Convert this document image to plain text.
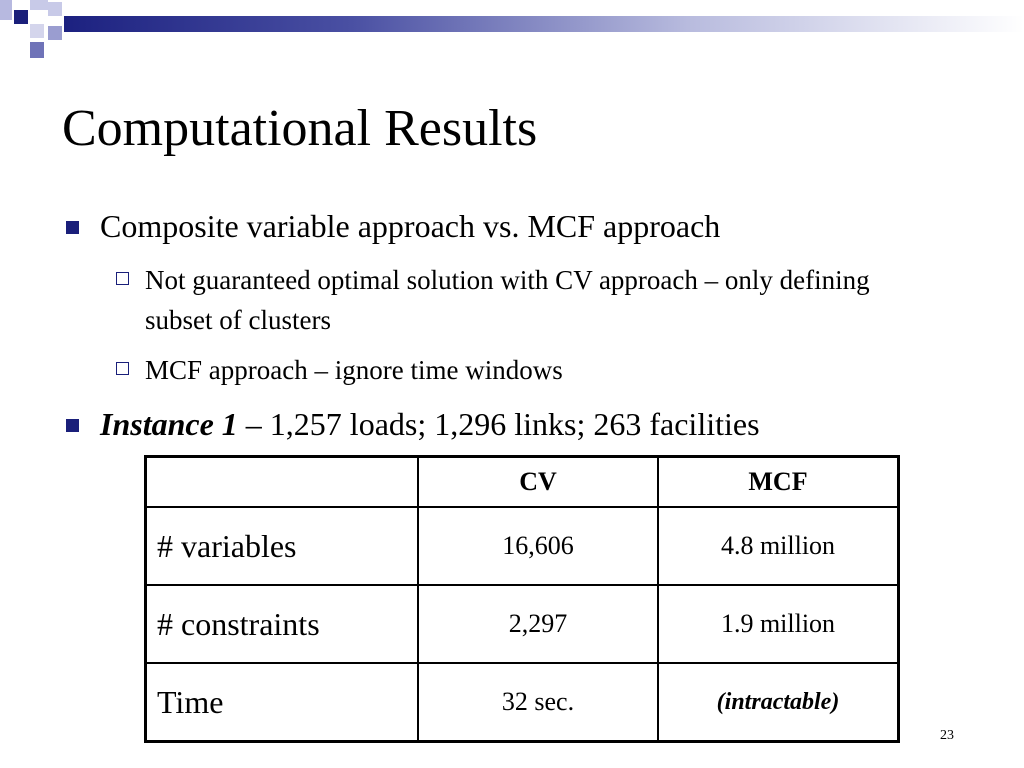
Computational Results
Composite variable approach vs. MCF approach
Not guaranteed optimal solution with CV approach – only defining subset of clusters
MCF approach – ignore time windows
Instance 1 – 1,257 loads; 1,296 links; 263 facilities
	CV	MCF
# variables	16,606	4.8 million
# constraints	2,297	1.9 million
Time	32 sec.	(intractable)
23
